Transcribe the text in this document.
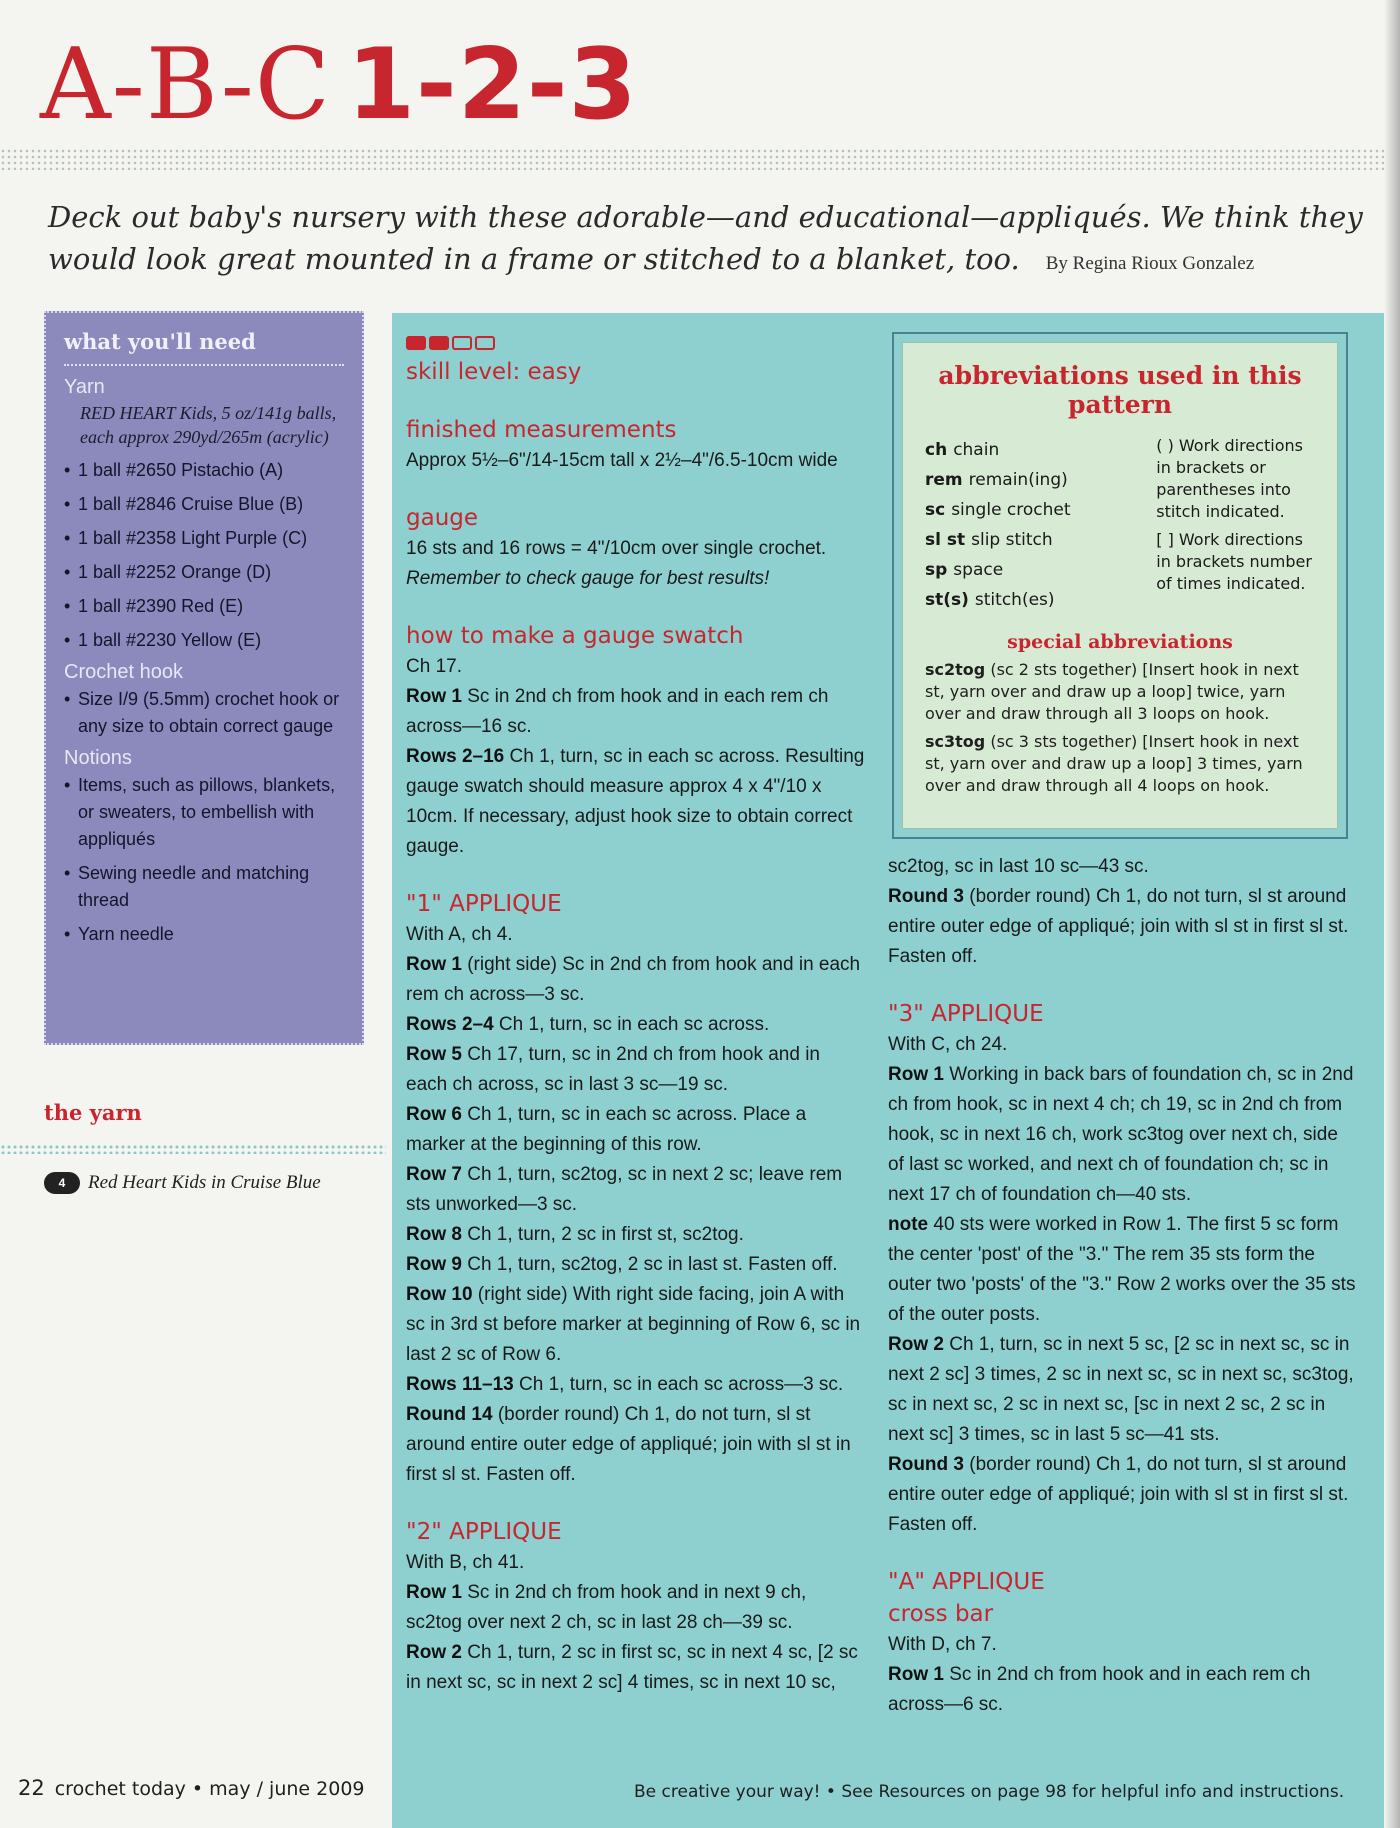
A-B-C 1-2-3
Deck out baby's nursery with these adorable—and educational—appliqués. We think they would look great mounted in a frame or stitched to a blanket, too. By Regina Rioux Gonzalez
what you'll need
Yarn
RED HEART Kids, 5 oz/141g balls, each approx 290yd/265m (acrylic)
• 1 ball #2650 Pistachio (A)
• 1 ball #2846 Cruise Blue (B)
• 1 ball #2358 Light Purple (C)
• 1 ball #2252 Orange (D)
• 1 ball #2390 Red (E)
• 1 ball #2230 Yellow (E)
Crochet hook
• Size I/9 (5.5mm) crochet hook or any size to obtain correct gauge
Notions
• Items, such as pillows, blankets, or sweaters, to embellish with appliqués
• Sewing needle and matching thread
• Yarn needle
the yarn
4	Red Heart Kids in Cruise Blue
skill level: easy
finished measurements

Approx 5½–6"/14-15cm tall x 2½–4"/6.5-10cm wide

gauge

16 sts and 16 rows = 4"/10cm over single crochet.

Remember to check gauge for best results!

how to make a gauge swatch

Ch 17.

Row 1 Sc in 2nd ch from hook and in each rem ch across—16 sc.

Rows 2–16 Ch 1, turn, sc in each sc across. Resulting gauge swatch should measure approx 4 x 4"/10 x 10cm. If necessary, adjust hook size to obtain correct gauge.

"1" APPLIQUE

With A, ch 4.

Row 1 (right side) Sc in 2nd ch from hook and in each rem ch across—3 sc.

Rows 2–4 Ch 1, turn, sc in each sc across.

Row 5 Ch 17, turn, sc in 2nd ch from hook and in each ch across, sc in last 3 sc—19 sc.

Row 6 Ch 1, turn, sc in each sc across. Place a marker at the beginning of this row.

Row 7 Ch 1, turn, sc2tog, sc in next 2 sc; leave rem sts unworked—3 sc.

Row 8 Ch 1, turn, 2 sc in first st, sc2tog.

Row 9 Ch 1, turn, sc2tog, 2 sc in last st. Fasten off.

Row 10 (right side) With right side facing, join A with sc in 3rd st before marker at beginning of Row 6, sc in last 2 sc of Row 6.

Rows 11–13 Ch 1, turn, sc in each sc across—3 sc.

Round 14 (border round) Ch 1, do not turn, sl st around entire outer edge of appliqué; join with sl st in first sl st. Fasten off.

"2" APPLIQUE

With B, ch 41.

Row 1 Sc in 2nd ch from hook and in next 9 ch, sc2tog over next 2 ch, sc in last 28 ch—39 sc.

Row 2 Ch 1, turn, 2 sc in first sc, sc in next 4 sc, [2 sc in next sc, sc in next 2 sc] 4 times, sc in next 10 sc,

abbreviations used in this pattern
ch chain
rem remain(ing)
sc single crochet
sl st slip stitch
sp space
st(s) stitch(es)

( ) Work directions in brackets or parentheses into stitch indicated.

[ ] Work directions in brackets number of times indicated.

special abbreviations

sc2tog (sc 2 sts together) [Insert hook in next st, yarn over and draw up a loop] twice, yarn over and draw through all 3 loops on hook.

sc3tog (sc 3 sts together) [Insert hook in next st, yarn over and draw up a loop] 3 times, yarn over and draw through all 4 loops on hook.

sc2tog, sc in last 10 sc—43 sc.

Round 3 (border round) Ch 1, do not turn, sl st around entire outer edge of appliqué; join with sl st in first sl st. Fasten off.

"3" APPLIQUE

With C, ch 24.

Row 1 Working in back bars of foundation ch, sc in 2nd ch from hook, sc in next 4 ch; ch 19, sc in 2nd ch from hook, sc in next 16 ch, work sc3tog over next ch, side of last sc worked, and next ch of foundation ch; sc in next 17 ch of foundation ch—40 sts.

note 40 sts were worked in Row 1. The first 5 sc form the center 'post' of the "3." The rem 35 sts form the outer two 'posts' of the "3." Row 2 works over the 35 sts of the outer posts.

Row 2 Ch 1, turn, sc in next 5 sc, [2 sc in next sc, sc in next 2 sc] 3 times, 2 sc in next sc, sc in next sc, sc3tog, sc in next sc, 2 sc in next sc, [sc in next 2 sc, 2 sc in next sc] 3 times, sc in last 5 sc—41 sts.

Round 3 (border round) Ch 1, do not turn, sl st around entire outer edge of appliqué; join with sl st in first sl st. Fasten off.

"A" APPLIQUE
cross bar

With D, ch 7.

Row 1 Sc in 2nd ch from hook and in each rem ch across—6 sc.

22 crochet today • may / june 2009	Be creative your way! • See Resources on page 98 for helpful info and instructions.
